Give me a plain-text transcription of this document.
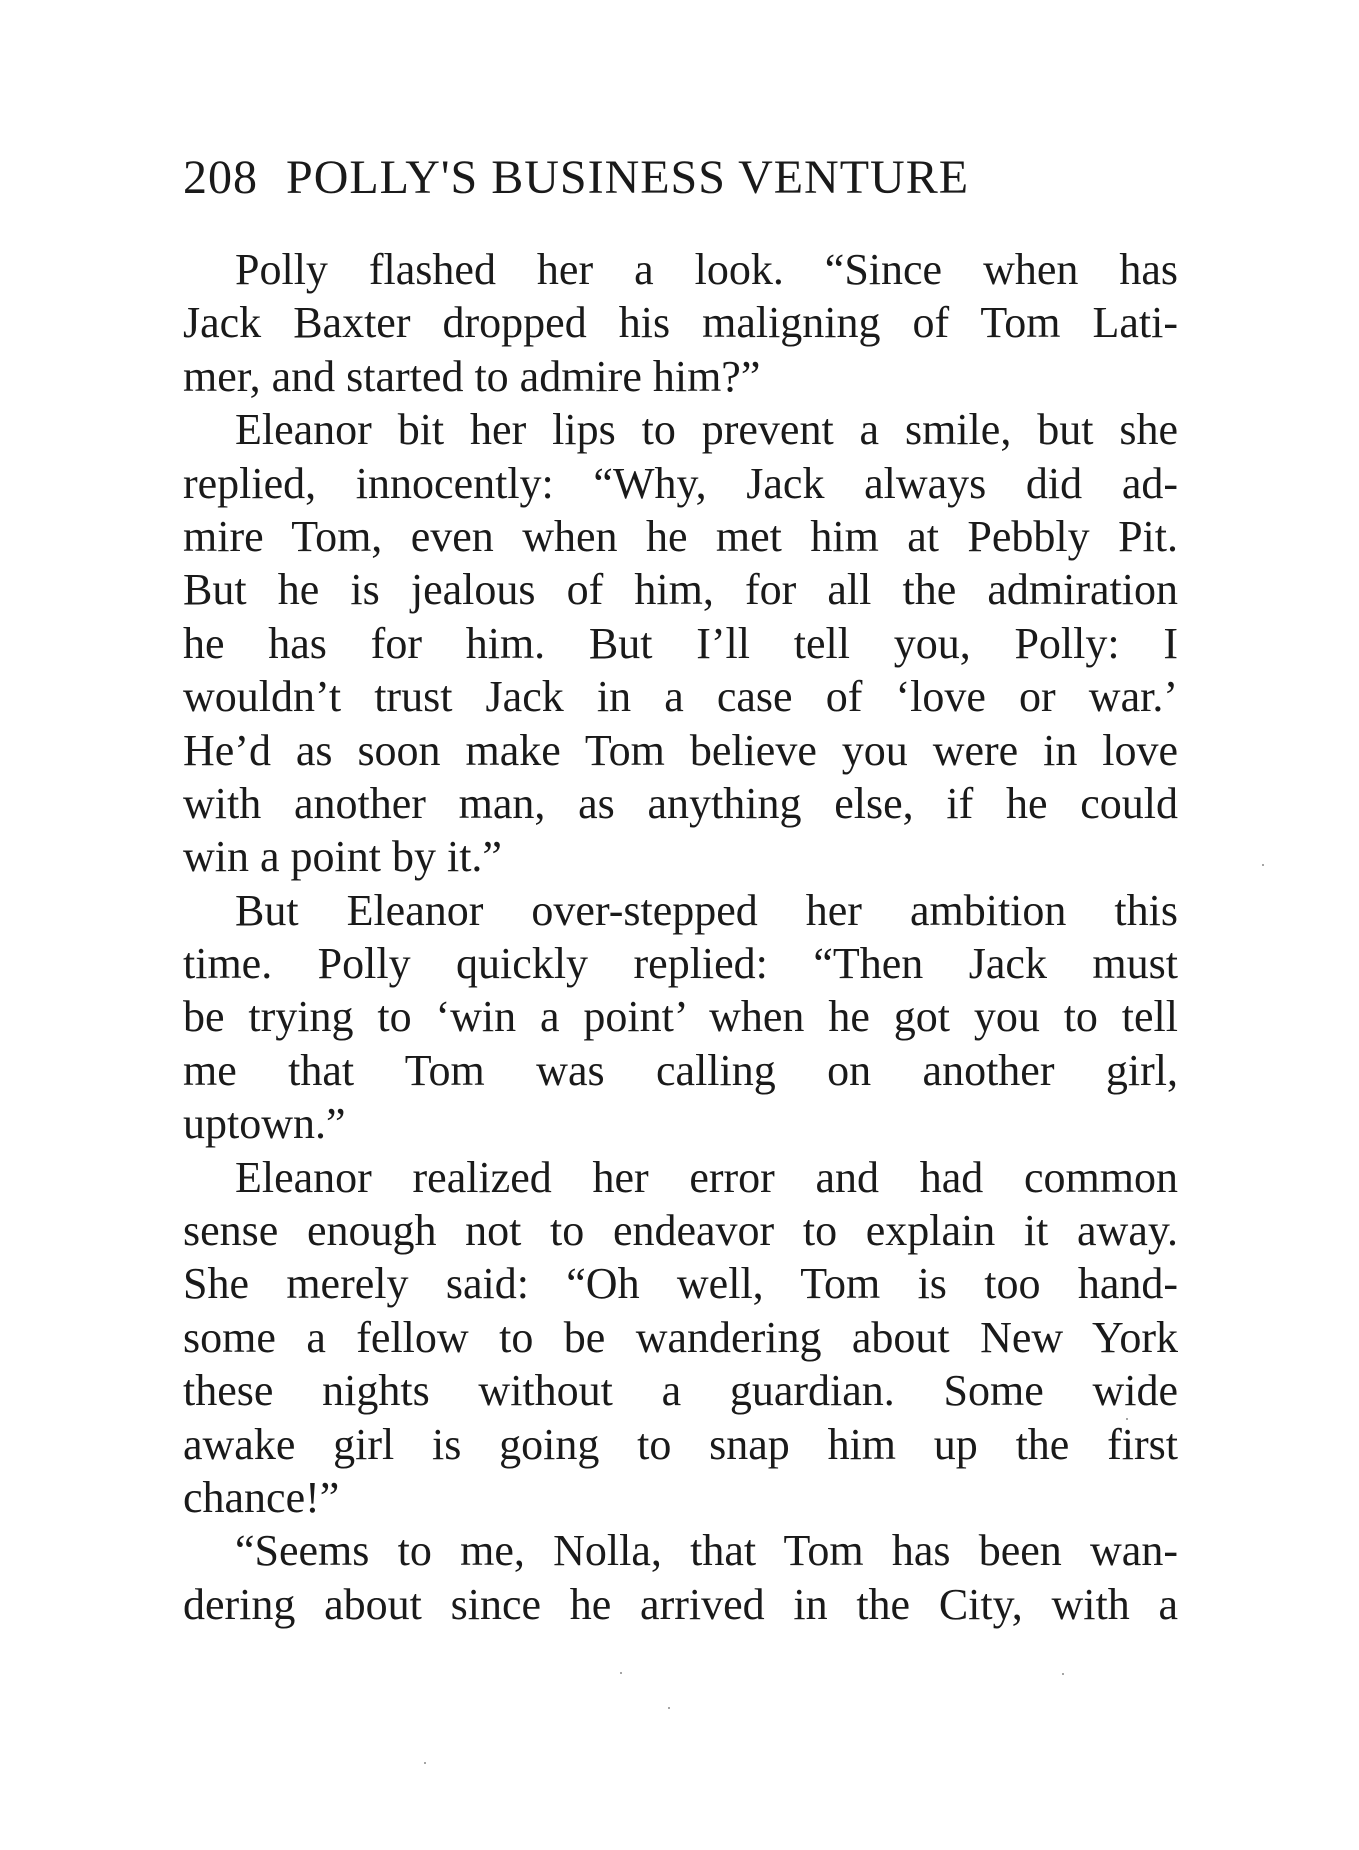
208 POLLY'S BUSINESS VENTURE
Polly flashed her a look. “Since when has
Jack Baxter dropped his maligning of Tom Lati-
mer, and started to admire him?”
Eleanor bit her lips to prevent a smile, but she
replied, innocently: “Why, Jack always did ad-
mire Tom, even when he met him at Pebbly Pit.
But he is jealous of him, for all the admiration
he has for him. But I’ll tell you, Polly: I
wouldn’t trust Jack in a case of ‘love or war.’
He’d as soon make Tom believe you were in love
with another man, as anything else, if he could
win a point by it.”
But Eleanor over-stepped her ambition this
time. Polly quickly replied: “Then Jack must
be trying to ‘win a point’ when he got you to tell
me that Tom was calling on another girl,
uptown.”
Eleanor realized her error and had common
sense enough not to endeavor to explain it away.
She merely said: “Oh well, Tom is too hand-
some a fellow to be wandering about New York
these nights without a guardian. Some wide
awake girl is going to snap him up the first
chance!”
“Seems to me, Nolla, that Tom has been wan-
dering about since he arrived in the City, with a
